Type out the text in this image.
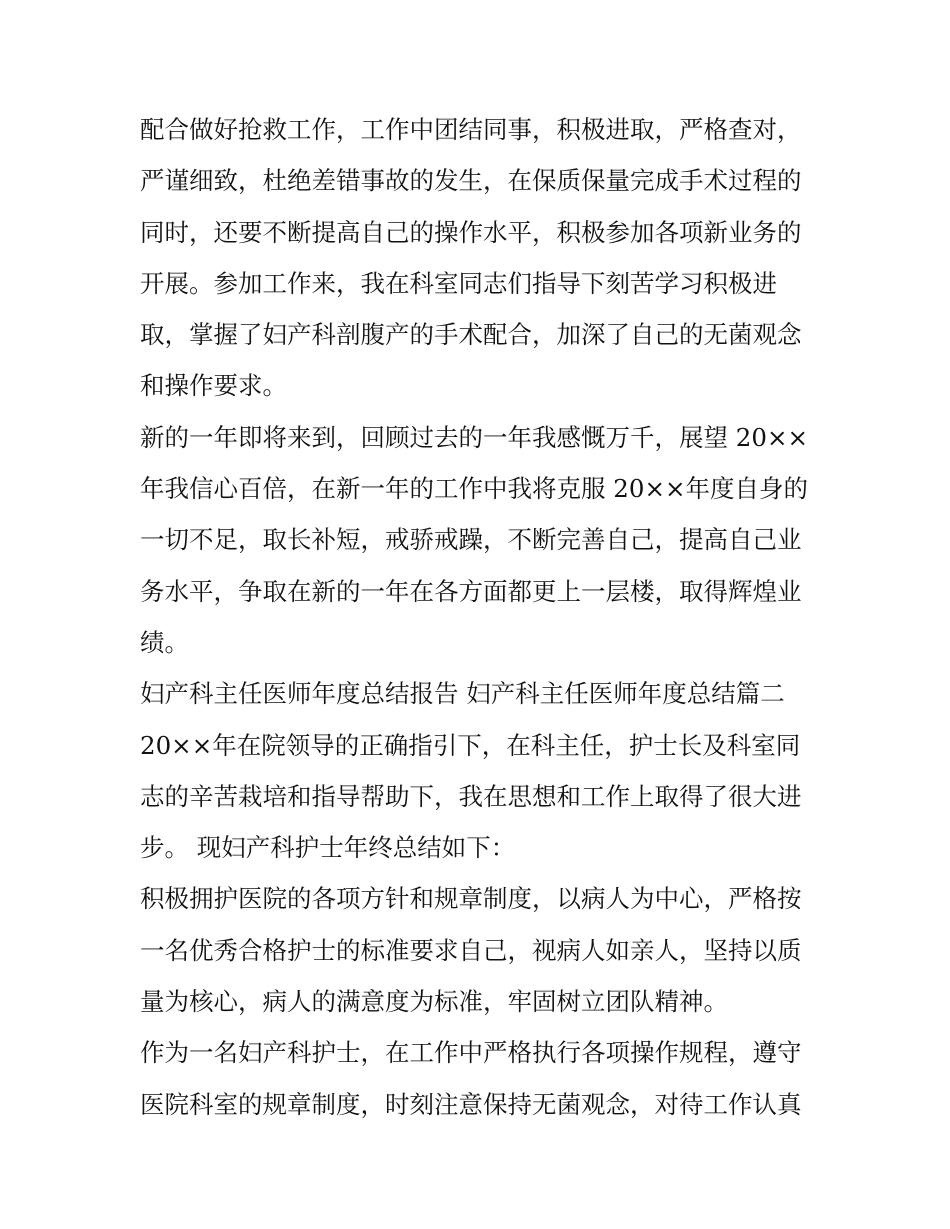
配合做好抢救工作，工作中团结同事，积极进取，严格查对，
严谨细致，杜绝差错事故的发生，在保质保量完成手术过程的
同时，还要不断提高自己的操作水平，积极参加各项新业务的
开展。参加工作来，我在科室同志们指导下刻苦学习积极进
取，掌握了妇产科剖腹产的手术配合，加深了自己的无菌观念
和操作要求。
新的一年即将来到，回顾过去的一年我感慨万千，展望 20××
年我信心百倍，在新一年的工作中我将克服 20××年度自身的
一切不足，取长补短，戒骄戒躁，不断完善自己，提高自己业
务水平，争取在新的一年在各方面都更上一层楼，取得辉煌业
绩。
妇产科主任医师年度总结报告 妇产科主任医师年度总结篇二
20××年在院领导的正确指引下，在科主任，护士长及科室同
志的辛苦栽培和指导帮助下，我在思想和工作上取得了很大进
步。 现妇产科护士年终总结如下：
积极拥护医院的各项方针和规章制度，以病人为中心，严格按
一名优秀合格护士的标准要求自己，视病人如亲人，坚持以质
量为核心，病人的满意度为标准，牢固树立团队精神。
作为一名妇产科护士，在工作中严格执行各项操作规程，遵守
医院科室的规章制度，时刻注意保持无菌观念，对待工作认真
